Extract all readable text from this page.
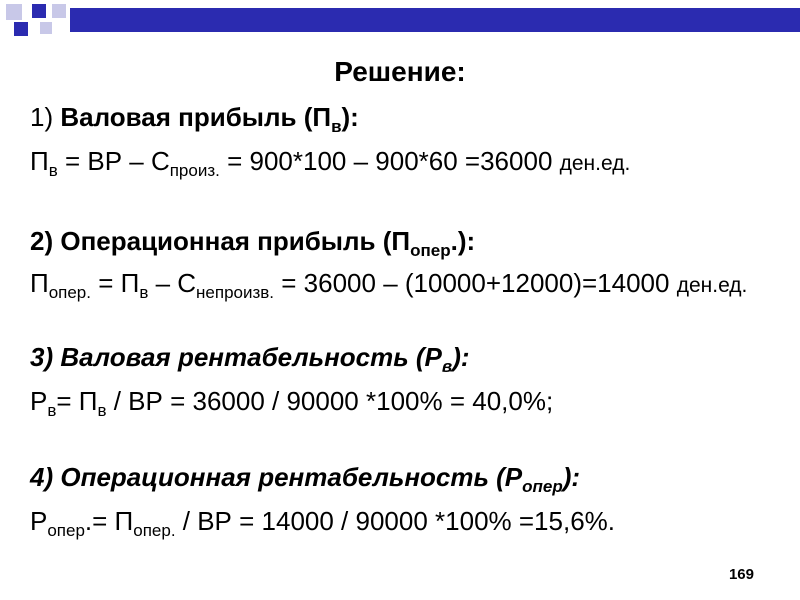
Решение:
1) Валовая прибыль $(П_в)$:
$П_в$ = ВР – $С_{произ.} = 900*100 - 900*60 =36000$ ден.ед.
2) Операционная прибыль $(П_{опер}.)$:
$П_{опер.} = П_в - С_{непроизв.} = 36000 - (10000+12000)=14000$ ден.ед.
3) Валовая рентабельность $(Р_в)$:
$Р_в= П_в$ / ВР = 36000 / 90000 *100% = 40,0%;
4) Операционная рентабельность $(Р_{опер})$:
$Р_{опер}.= П_{опер.}$ / ВР = 14000 / 90000 *100% =15,6%.
169
